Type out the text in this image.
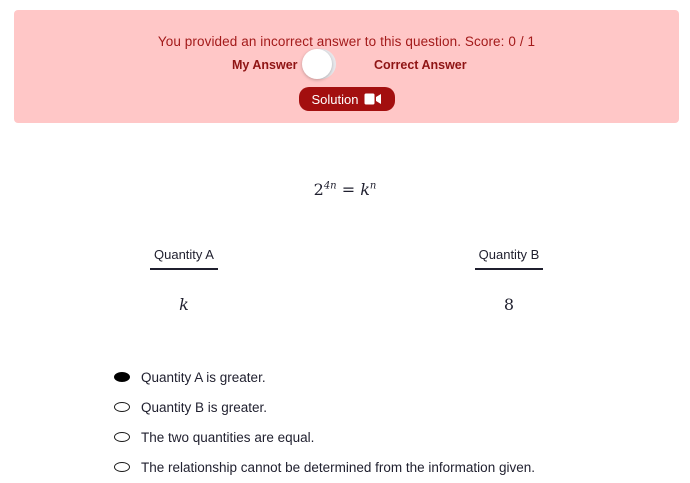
You provided an incorrect answer to this question. Score: 0 / 1
My Answer	Correct Answer
Solution
$2^{4n} = k^n$
Quantity A	Quantity B
k	8
Quantity A is greater.
Quantity B is greater.
The two quantities are equal.
The relationship cannot be determined from the information given.
